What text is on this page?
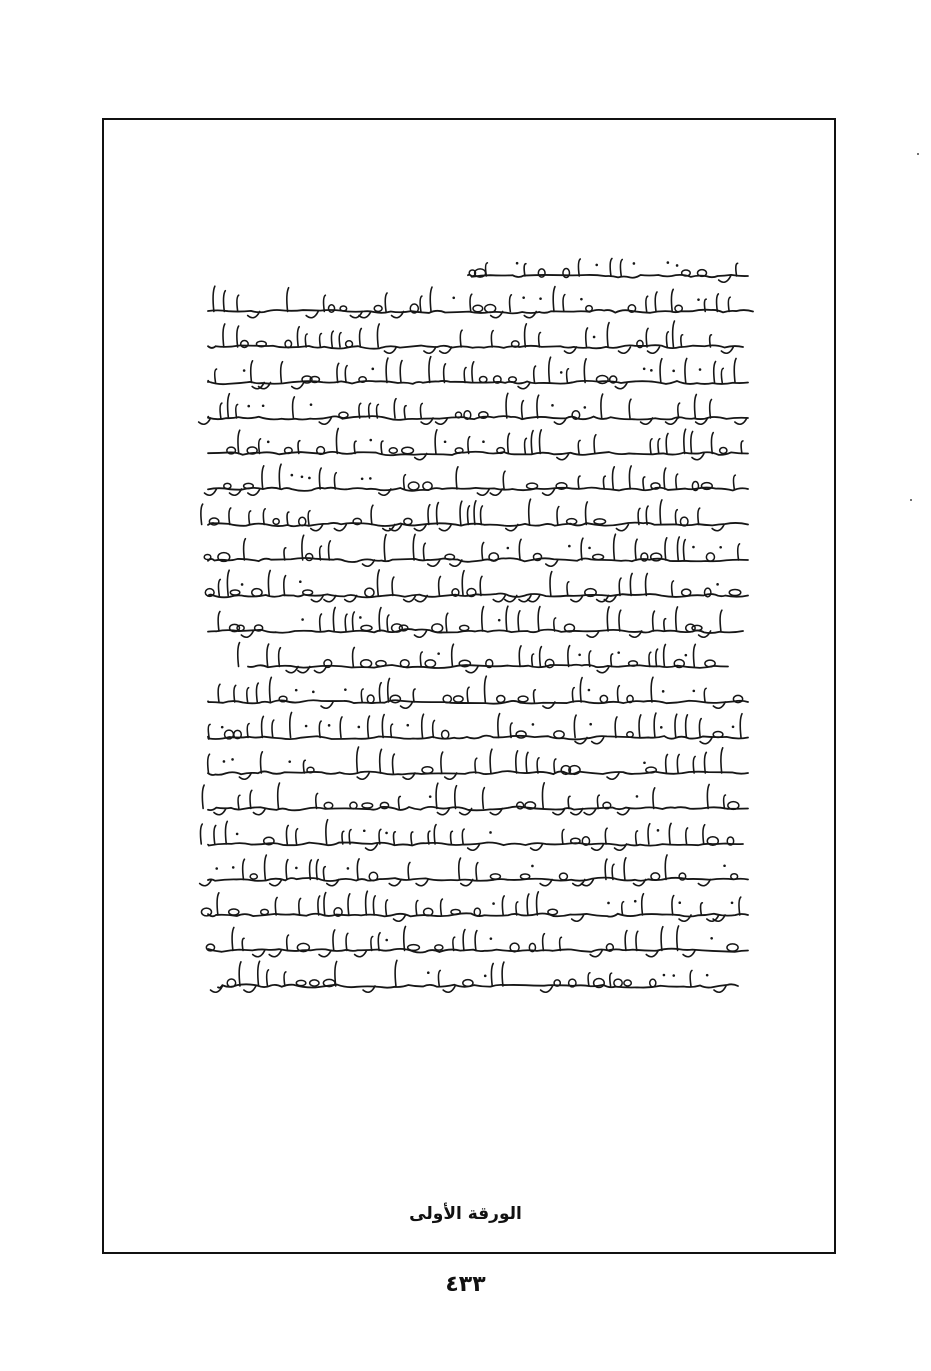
الورقة الأولى
٤٣٣
